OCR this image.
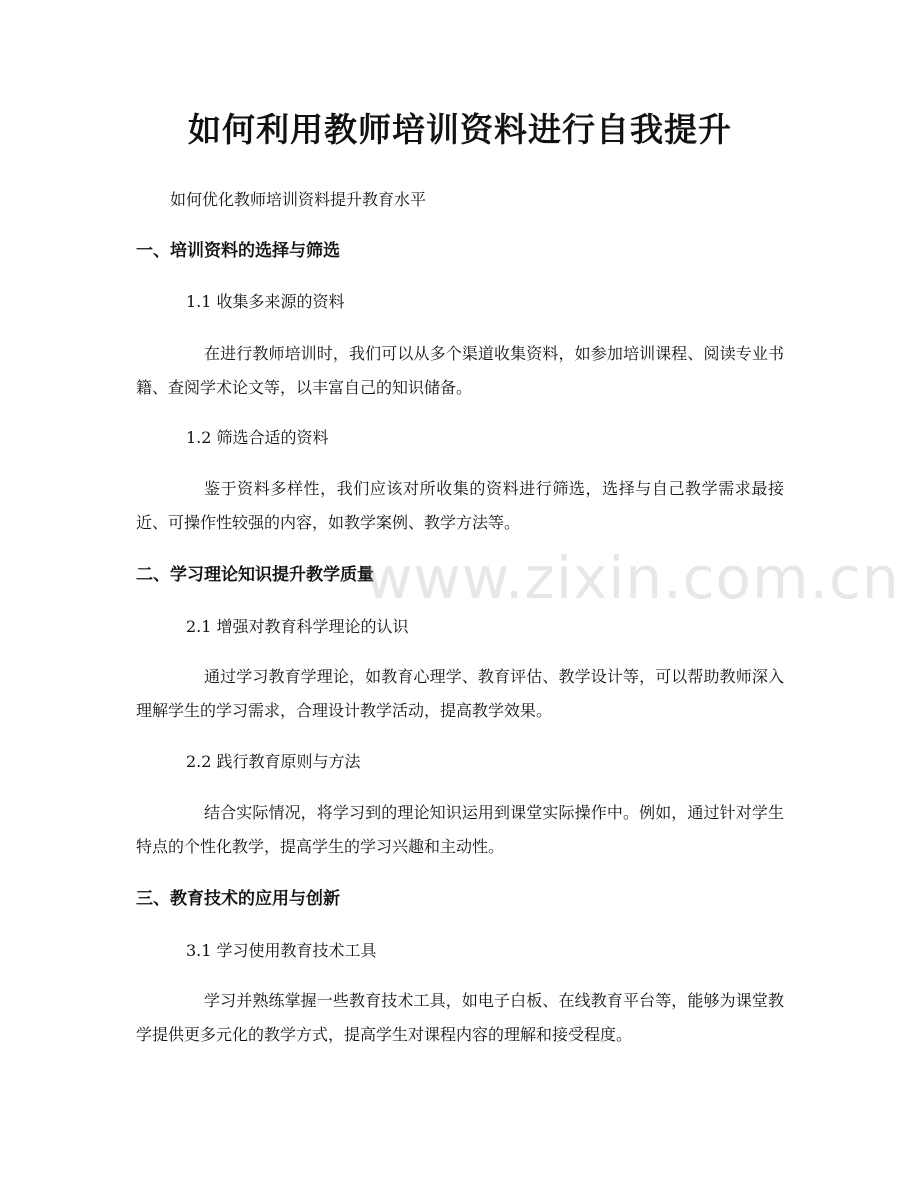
如何利用教师培训资料进行自我提升
如何优化教师培训资料提升教育水平
一、培训资料的选择与筛选
1.1 收集多来源的资料
在进行教师培训时，我们可以从多个渠道收集资料，如参加培训课程、阅读专业书籍、查阅学术论文等，以丰富自己的知识储备。
1.2 筛选合适的资料
鉴于资料多样性，我们应该对所收集的资料进行筛选，选择与自己教学需求最接近、可操作性较强的内容，如教学案例、教学方法等。
二、学习理论知识提升教学质量
2.1 增强对教育科学理论的认识
通过学习教育学理论，如教育心理学、教育评估、教学设计等，可以帮助教师深入理解学生的学习需求，合理设计教学活动，提高教学效果。
2.2 践行教育原则与方法
结合实际情况，将学习到的理论知识运用到课堂实际操作中。例如，通过针对学生特点的个性化教学，提高学生的学习兴趣和主动性。
三、教育技术的应用与创新
3.1 学习使用教育技术工具
学习并熟练掌握一些教育技术工具，如电子白板、在线教育平台等，能够为课堂教学提供更多元化的教学方式，提高学生对课程内容的理解和接受程度。
www.zixin.com.cn
